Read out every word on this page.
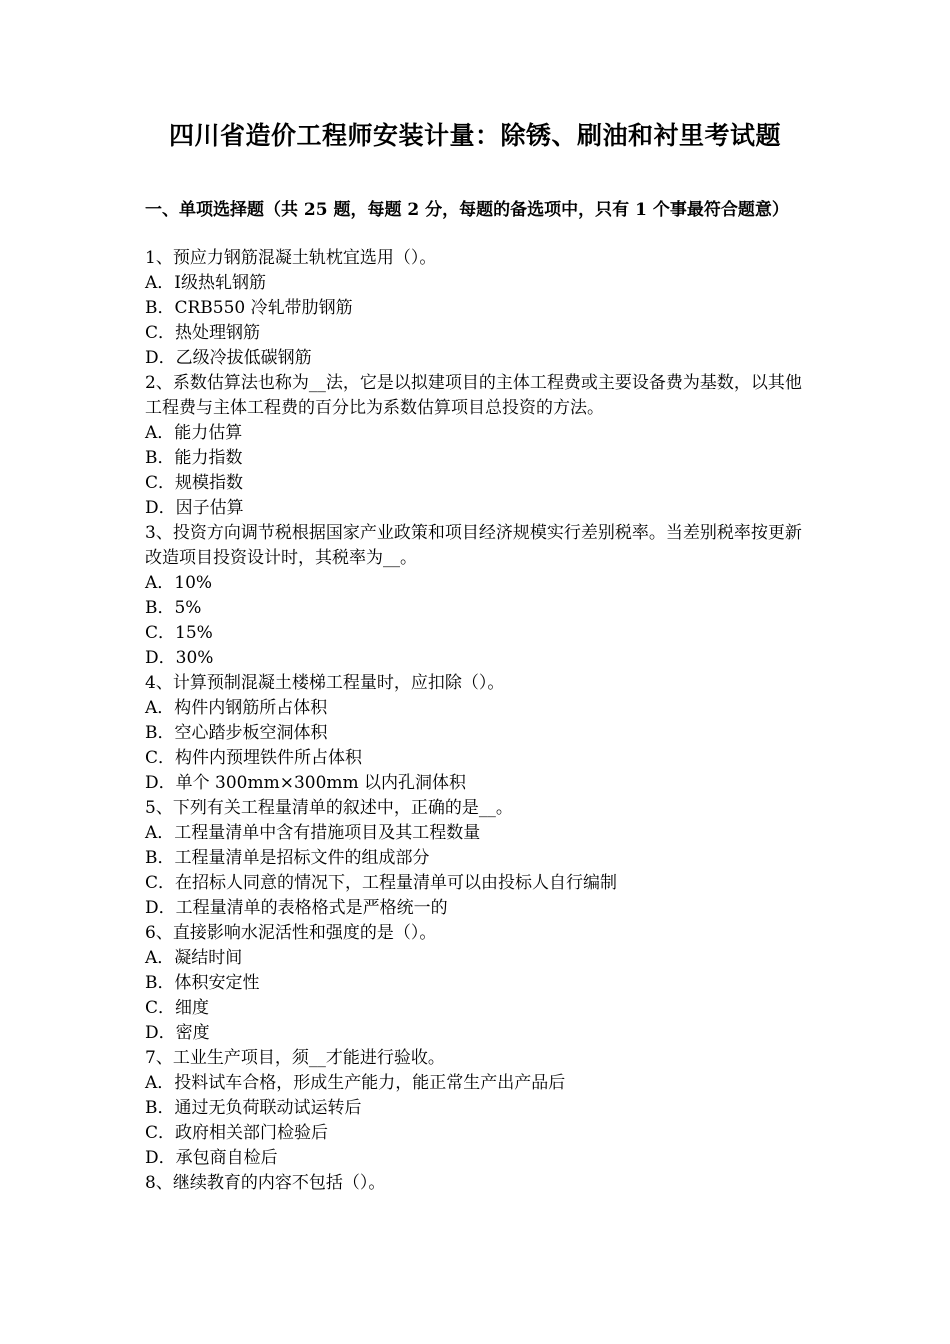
四川省造价工程师安装计量：除锈、刷油和衬里考试题
一、单项选择题（共 25 题，每题 2 分，每题的备选项中，只有 1 个事最符合题意）
1、预应力钢筋混凝土轨枕宜选用（）。
A．Ⅰ级热轧钢筋
B．CRB550 冷轧带肋钢筋
C．热处理钢筋
D．乙级冷拔低碳钢筋
2、系数估算法也称为__法，它是以拟建项目的主体工程费或主要设备费为基数，以其他工程费与主体工程费的百分比为系数估算项目总投资的方法。
A．能力估算
B．能力指数
C．规模指数
D．因子估算
3、投资方向调节税根据国家产业政策和项目经济规模实行差别税率。当差别税率按更新改造项目投资设计时，其税率为__。
A．10%
B．5%
C．15%
D．30%
4、计算预制混凝土楼梯工程量时，应扣除（）。
A．构件内钢筋所占体积
B．空心踏步板空洞体积
C．构件内预埋铁件所占体积
D．单个 300mm×300mm 以内孔洞体积
5、下列有关工程量清单的叙述中，正确的是__。
A．工程量清单中含有措施项目及其工程数量
B．工程量清单是招标文件的组成部分
C．在招标人同意的情况下，工程量清单可以由投标人自行编制
D．工程量清单的表格格式是严格统一的
6、直接影响水泥活性和强度的是（）。
A．凝结时间
B．体积安定性
C．细度
D．密度
7、工业生产项目，须__才能进行验收。
A．投料试车合格，形成生产能力，能正常生产出产品后
B．通过无负荷联动试运转后
C．政府相关部门检验后
D．承包商自检后
8、继续教育的内容不包括（）。
